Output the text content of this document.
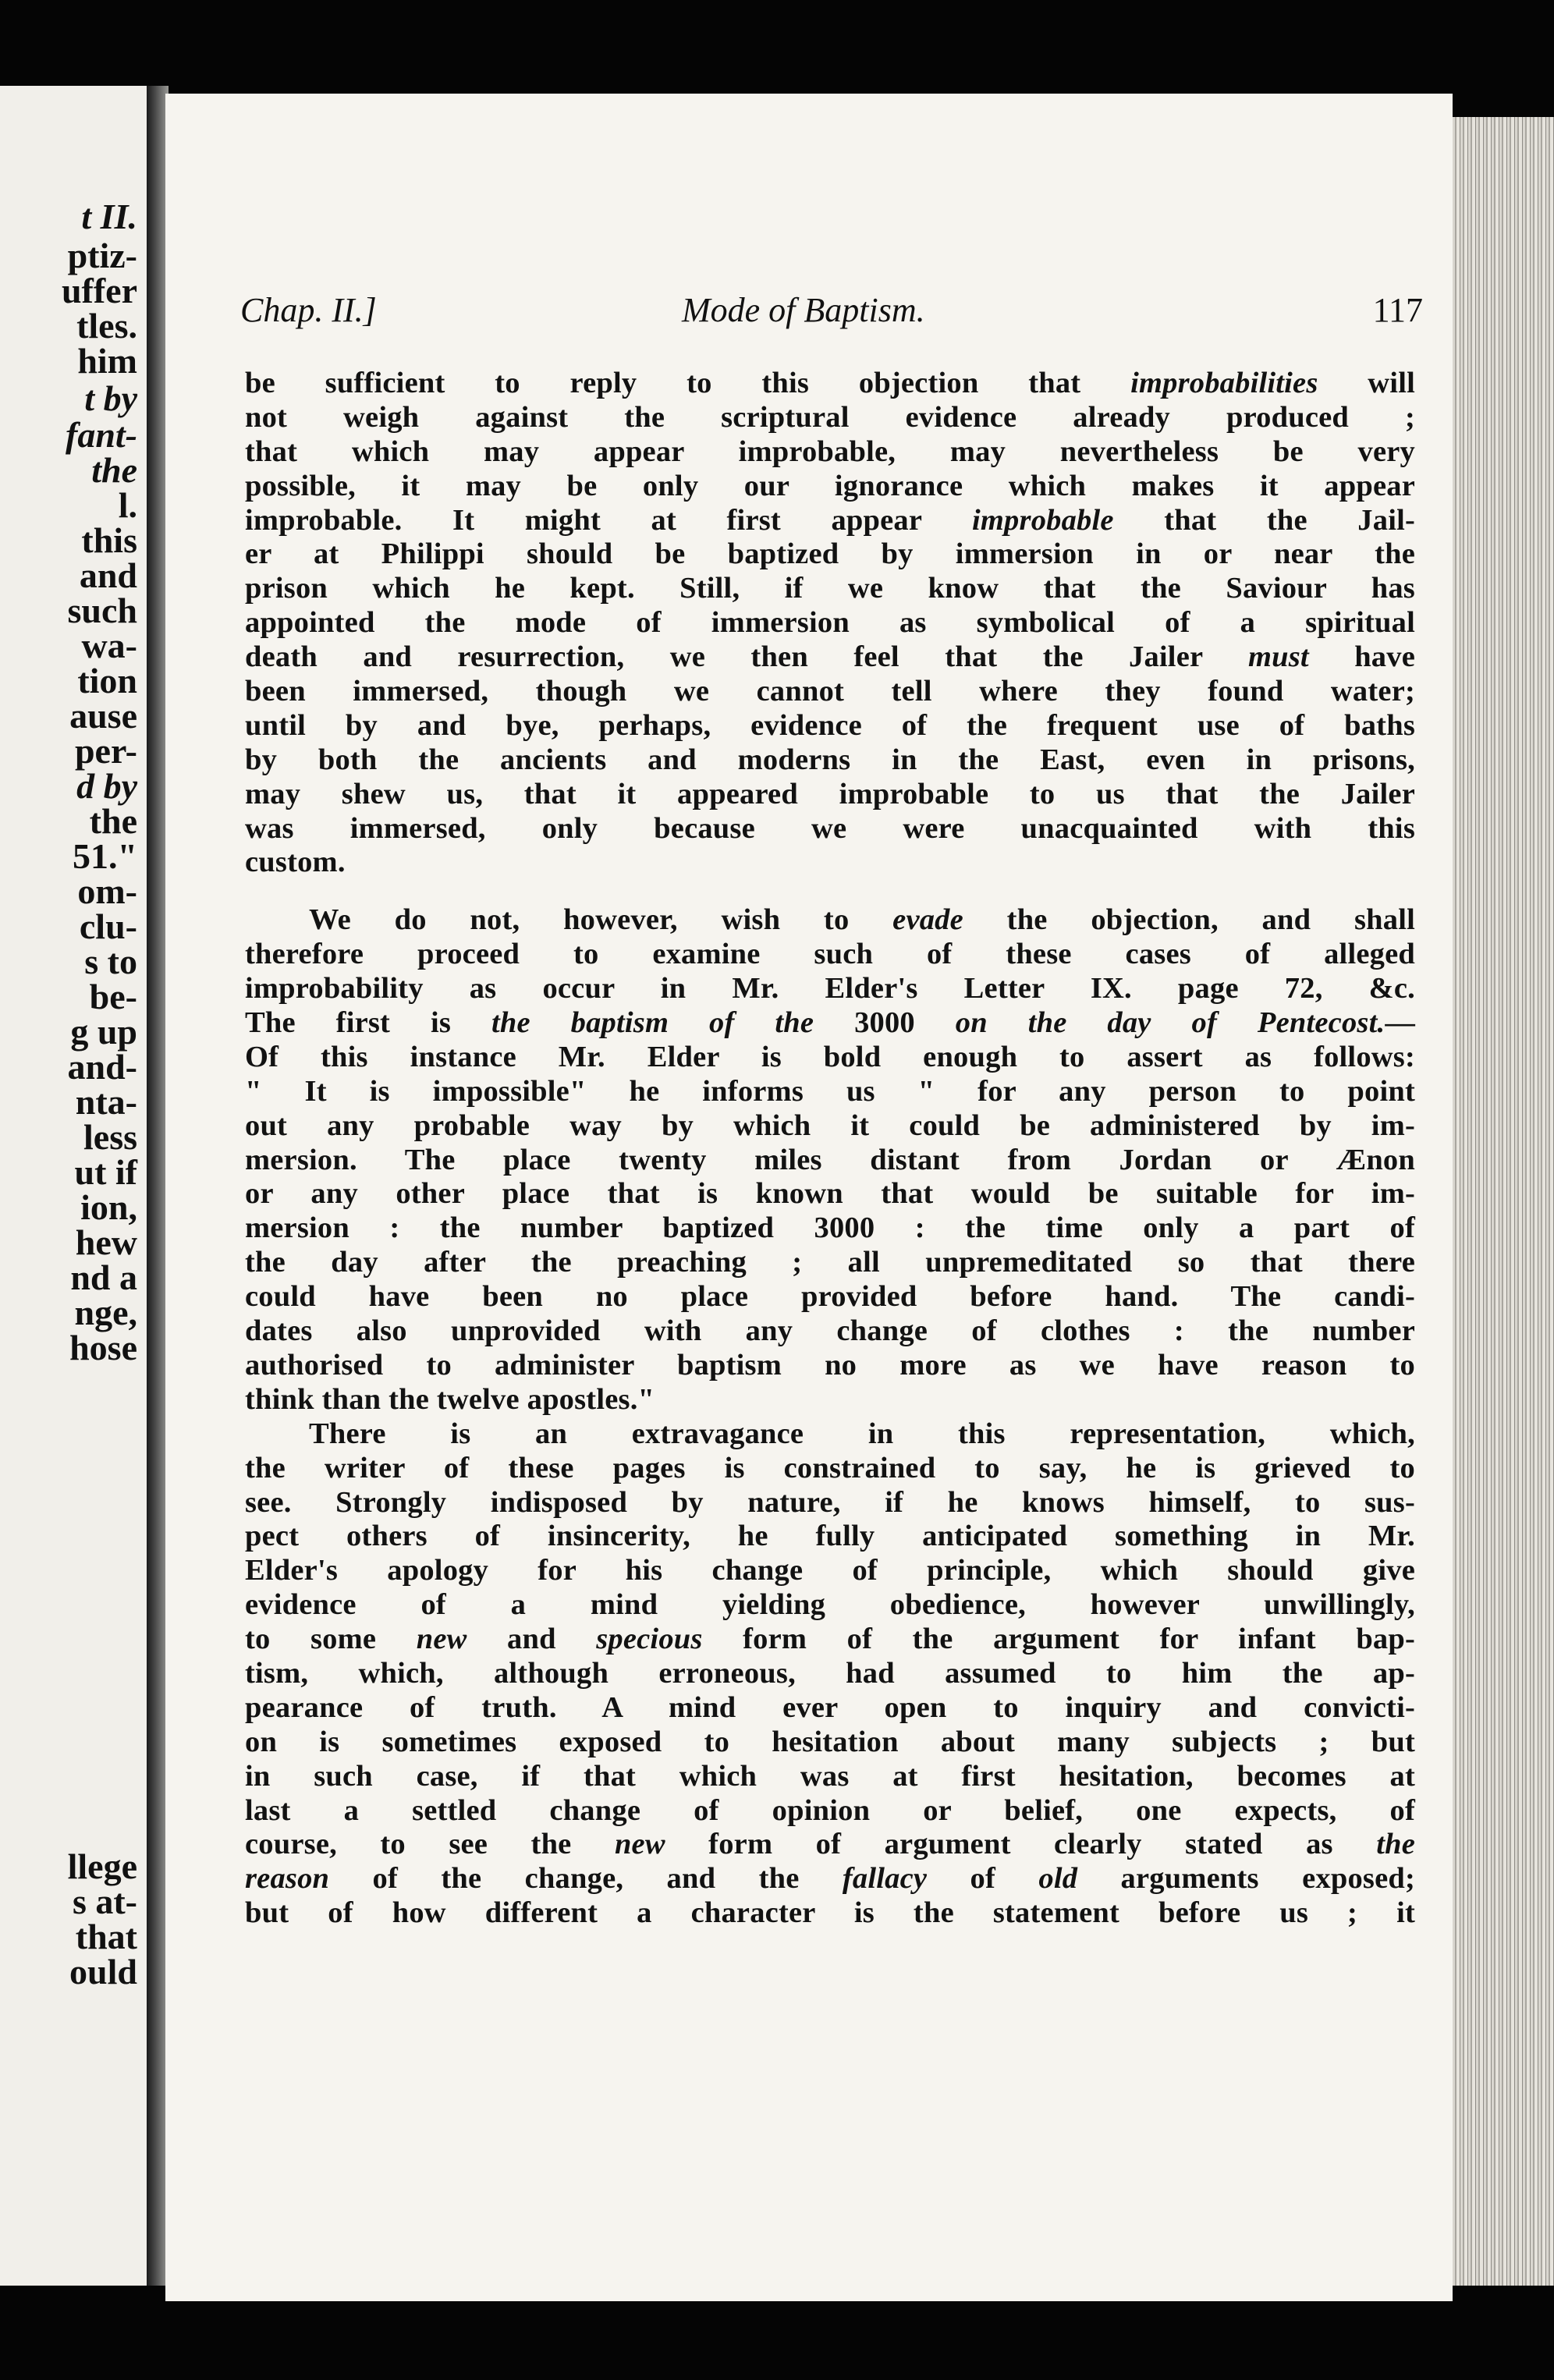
t II.
ptiz-
uffer
tles.
him
t by
fant-
the
l.
this
and
such
wa-
tion
ause
per-
d by
the
51."
om-
clu-
s to
be-
g up
and-
nta-
less
ut if
ion,
hew
nd a
nge,
hose
llege
s at-
that
ould
Chap. II.]	Mode of Baptism.	117
be sufficient to reply to this objection that improbabilities will
not weigh against the scriptural evidence already produced ;
that which may appear improbable, may nevertheless be very
possible, it may be only our ignorance which makes it appear
improbable. It might at first appear improbable that the Jail-
er at Philippi should be baptized by immersion in or near the
prison which he kept. Still, if we know that the Saviour has
appointed the mode of immersion as symbolical of a spiritual
death and resurrection, we then feel that the Jailer must have
been immersed, though we cannot tell where they found water;
until by and bye, perhaps, evidence of the frequent use of baths
by both the ancients and moderns in the East, even in prisons,
may shew us, that it appeared improbable to us that the Jailer
was immersed, only because we were unacquainted with this
custom.
We do not, however, wish to evade the objection, and shall
therefore proceed to examine such of these cases of alleged
improbability as occur in Mr. Elder's Letter IX. page 72, &c.
The first is the baptism of the 3000 on the day of Pentecost.—
Of this instance Mr. Elder is bold enough to assert as follows:
" It is impossible" he informs us " for any person to point
out any probable way by which it could be administered by im-
mersion. The place twenty miles distant from Jordan or Ænon
or any other place that is known that would be suitable for im-
mersion : the number baptized 3000 : the time only a part of
the day after the preaching ; all unpremeditated so that there
could have been no place provided before hand. The candi-
dates also unprovided with any change of clothes : the number
authorised to administer baptism no more as we have reason to
think than the twelve apostles."
There is an extravagance in this representation, which,
the writer of these pages is constrained to say, he is grieved to
see. Strongly indisposed by nature, if he knows himself, to sus-
pect others of insincerity, he fully anticipated something in Mr.
Elder's apology for his change of principle, which should give
evidence of a mind yielding obedience, however unwillingly,
to some new and specious form of the argument for infant bap-
tism, which, although erroneous, had assumed to him the ap-
pearance of truth. A mind ever open to inquiry and convicti-
on is sometimes exposed to hesitation about many subjects ; but
in such case, if that which was at first hesitation, becomes at
last a settled change of opinion or belief, one expects, of
course, to see the new form of argument clearly stated as the
reason of the change, and the fallacy of old arguments exposed;
but of how different a character is the statement before us ; it
